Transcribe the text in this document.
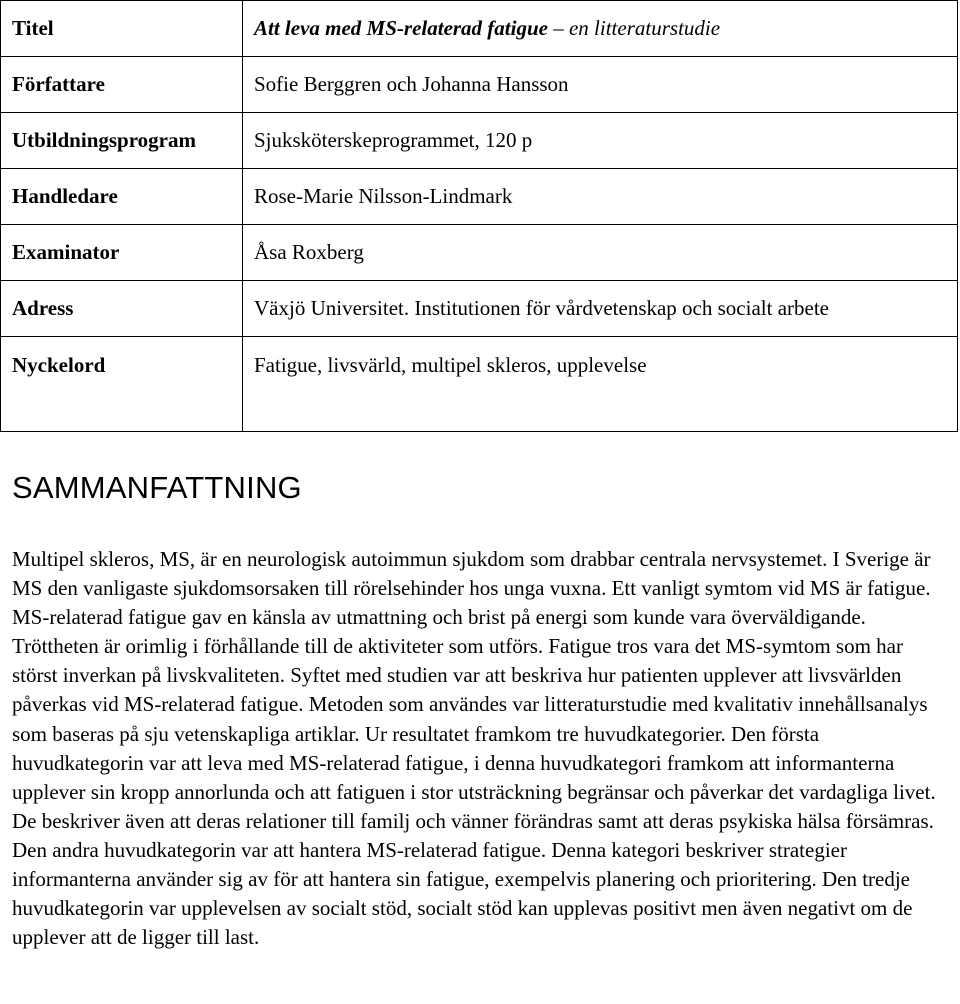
Titel	Att leva med MS-relaterad fatigue – en litteraturstudie
Författare	Sofie Berggren och Johanna Hansson
Utbildningsprogram	Sjuksköterskeprogrammet, 120 p
Handledare	Rose-Marie Nilsson-Lindmark
Examinator	Åsa Roxberg
Adress	Växjö Universitet. Institutionen för vårdvetenskap och socialt arbete
Nyckelord	Fatigue, livsvärld, multipel skleros, upplevelse
SAMMANFATTNING

Multipel skleros, MS, är en neurologisk autoimmun sjukdom som drabbar centrala nervsystemet. I Sverige är MS den vanligaste sjukdomsorsaken till rörelsehinder hos unga vuxna. Ett vanligt symtom vid MS är fatigue. MS-relaterad fatigue gav en känsla av utmattning och brist på energi som kunde vara överväldigande. Tröttheten är orimlig i förhållande till de aktiviteter som utförs. Fatigue tros vara det MS-symtom som har störst inverkan på livskvaliteten. Syftet med studien var att beskriva hur patienten upplever att livsvärlden påverkas vid MS-relaterad fatigue. Metoden som användes var litteraturstudie med kvalitativ innehållsanalys som baseras på sju vetenskapliga artiklar. Ur resultatet framkom tre huvudkategorier. Den första huvudkategorin var att leva med MS-relaterad fatigue, i denna huvudkategori framkom att informanterna upplever sin kropp annorlunda och att fatiguen i stor utsträckning begränsar och påverkar det vardagliga livet. De beskriver även att deras relationer till familj och vänner förändras samt att deras psykiska hälsa försämras. Den andra huvudkategorin var att hantera MS-relaterad fatigue. Denna kategori beskriver strategier informanterna använder sig av för att hantera sin fatigue, exempelvis planering och prioritering. Den tredje huvudkategorin var upplevelsen av socialt stöd, socialt stöd kan upplevas positivt men även negativt om de upplever att de ligger till last.
